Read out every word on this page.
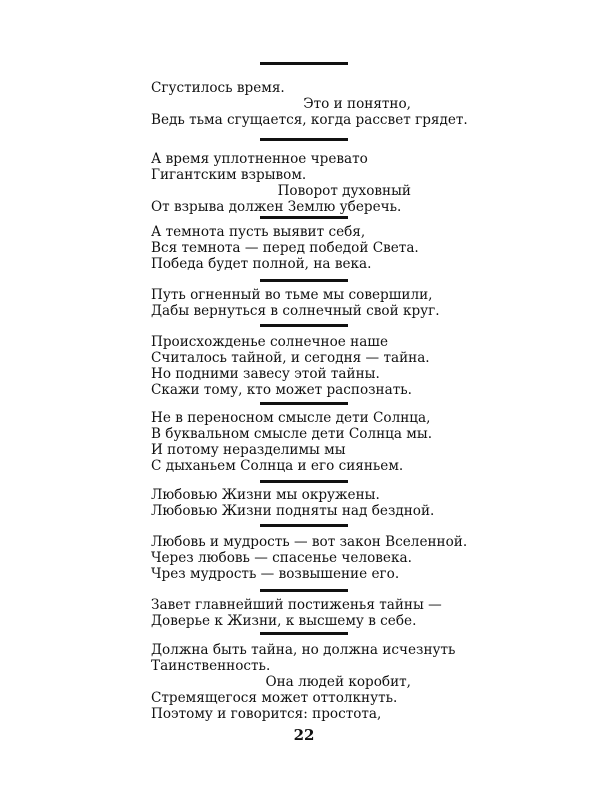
Сгустилось время.
Это и понятно,
Ведь тьма сгущается, когда рассвет грядет.
А время уплотненное чревато
Гигантским взрывом.
Поворот духовный
От взрыва должен Землю уберечь.
А темнота пусть выявит себя,
Вся темнота — перед победой Света.
Победа будет полной, на века.
Путь огненный во тьме мы совершили,
Дабы вернуться в солнечный свой круг.
Происхожденье солнечное наше
Считалось тайной, и сегодня — тайна.
Но подними завесу этой тайны.
Скажи тому, кто может распознать.
Не в переносном смысле дети Солнца,
В буквальном смысле дети Солнца мы.
И потому неразделимы мы
С дыханьем Солнца и его сияньем.
Любовью Жизни мы окружены.
Любовью Жизни подняты над бездной.
Любовь и мудрость — вот закон Вселенной.
Через любовь — спасенье человека.
Чрез мудрость — возвышение его.
Завет главнейший постиженья тайны —
Доверье к Жизни, к высшему в себе.
Должна быть тайна, но должна исчезнуть
Таинственность.
Она людей коробит,
Стремящегося может оттолкнуть.
Поэтому и говорится: простота,
22
